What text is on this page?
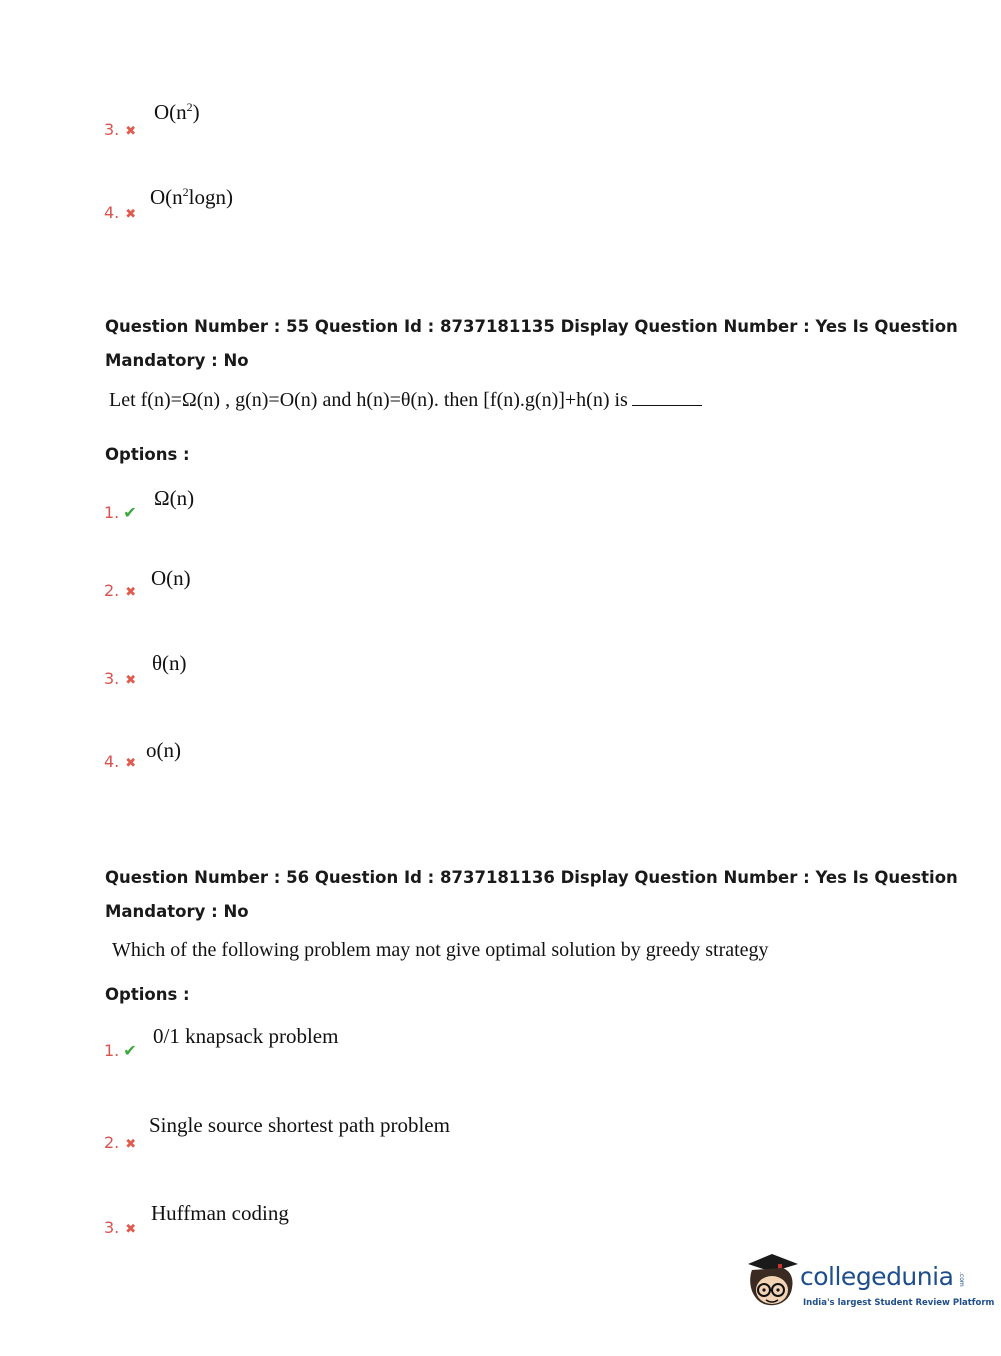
3. ✖
$O(n^2)$
4. ✖
$O(n^2\log n)$
Question Number : 55 Question Id : 8737181135 Display Question Number : Yes Is Question
Mandatory : No
Let f(n)=Ω(n) , g(n)=O(n) and h(n)=θ(n). then [f(n).g(n)]+h(n) is
Options :
1. ✔
Ω(n)
2. ✖
O(n)
3. ✖
θ(n)
4. ✖
o(n)
Question Number : 56 Question Id : 8737181136 Display Question Number : Yes Is Question
Mandatory : No
Which of the following problem may not give optimal solution by greedy strategy
Options :
1. ✔
0/1 knapsack problem
2. ✖
Single source shortest path problem
3. ✖
Huffman coding
collegedunia .com
India's largest Student Review Platform
